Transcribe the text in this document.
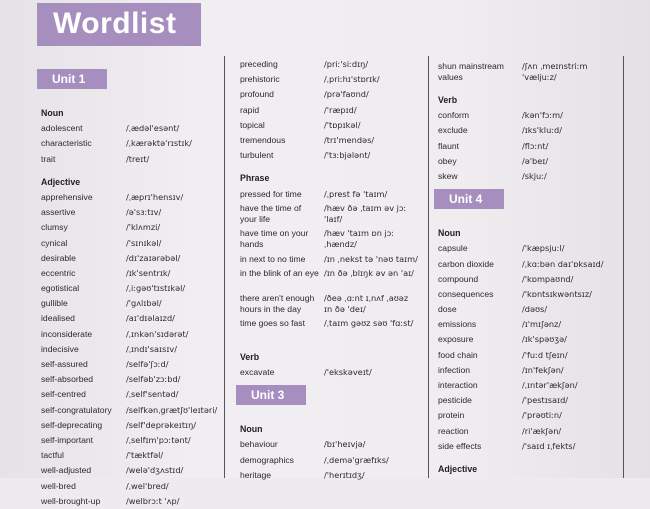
Wordlist
Unit 1
Noun
adolescent	/ˌædəl'esənt/
characteristic	/ˌkærəktə'rɪstɪk/
trait	/treɪt/
Adjective
apprehensive	/ˌæprɪ'hensɪv/
assertive	/ə'sɜːtɪv/
clumsy	/'klʌmzi/
cynical	/'sɪnɪkəl/
desirable	/dɪ'zaɪərəbəl/
eccentric	/ɪk'sentrɪk/
egotistical	/ˌiːgəʊ'tɪstɪkəl/
gullible	/'gʌlɪbəl/
idealised	/aɪ'dɪəlaɪzd/
inconsiderate	/ˌɪnkən'sɪdərət/
indecisive	/ˌɪndɪ'saɪsɪv/
self-assured	/selfə'ʃɔːd/
self-absorbed	/selfəb'zɔːbd/
self-centred	/ˌself'sentəd/
self-congratulatory /selfkənˌgrætʃʊ'leɪtəri/
self-deprecating	/self'deprəkeɪtɪŋ/
self-important	/ˌselfɪm'pɔːtənt/
tactful	/'tæktfəl/
well-adjusted	/welə'dʒʌstɪd/
well-bred	/ˌwel'bred/
well-brought-up	/welbrɔːt 'ʌp/
preceding	/priː'siːdɪŋ/
prehistoric	/ˌpriːhɪ'stɒrɪk/
profound	/prə'faʊnd/
rapid	/'ræpɪd/
topical	/'tɒpɪkəl/
tremendous	/trɪ'mendəs/
turbulent	/'tɜːbjələnt/
Phrase
pressed for time	/ˌprest fə 'taɪm/
have the time of your life
/hæv ðə ˌtaɪm əv jɔː 'laɪf/
have time on your hands
/hæv 'taɪm ɒn jɔː ˌhændz/
in next to no time /ɪn ˌnekst tə 'nəʊ taɪm/
in the blink of an eye /ɪn ðə ˌblɪŋk əv ən 'aɪ/
there aren't enough hours in the day
/ðeə ˌɑːnt ɪˌnʌf ˌaʊəz ɪn ðə 'deɪ/
time goes so fast	/ˌtaɪm gəʊz səʊ 'fɑːst/
Verb
excavate	/'ekskəveɪt/
Unit 3
Noun
behaviour	/bɪ'heɪvjə/
demographics	/ˌdemə'græfɪks/
heritage	/'herɪtɪdʒ/
shun mainstream values
/ʃʌn ˌmeɪnstriːm 'væljuːz/
Verb
conform	/kən'fɔːm/
exclude	/ɪks'kluːd/
flaunt	/flɔːnt/
obey	/ə'beɪ/
skew	/skjuː/
Unit 4
Noun
capsule	/'kæpsjuːl/
carbon dioxide	/ˌkɑːbən daɪ'ɒksaɪd/
compound	/'kɒmpaʊnd/
consequences	/'kɒntsɪkwəntsɪz/
dose	/dəʊs/
emissions	/ɪ'mɪʃənz/
exposure	/ɪk'spəʊʒə/
food chain	/'fuːd tʃeɪn/
infection	/ɪn'fekʃən/
interaction	/ˌɪntər'ækʃən/
pesticide	/'pestɪsaɪd/
protein	/'prəʊtiːn/
reaction	/ri'ækʃən/
side effects	/'saɪd ɪˌfekts/
Adjective
